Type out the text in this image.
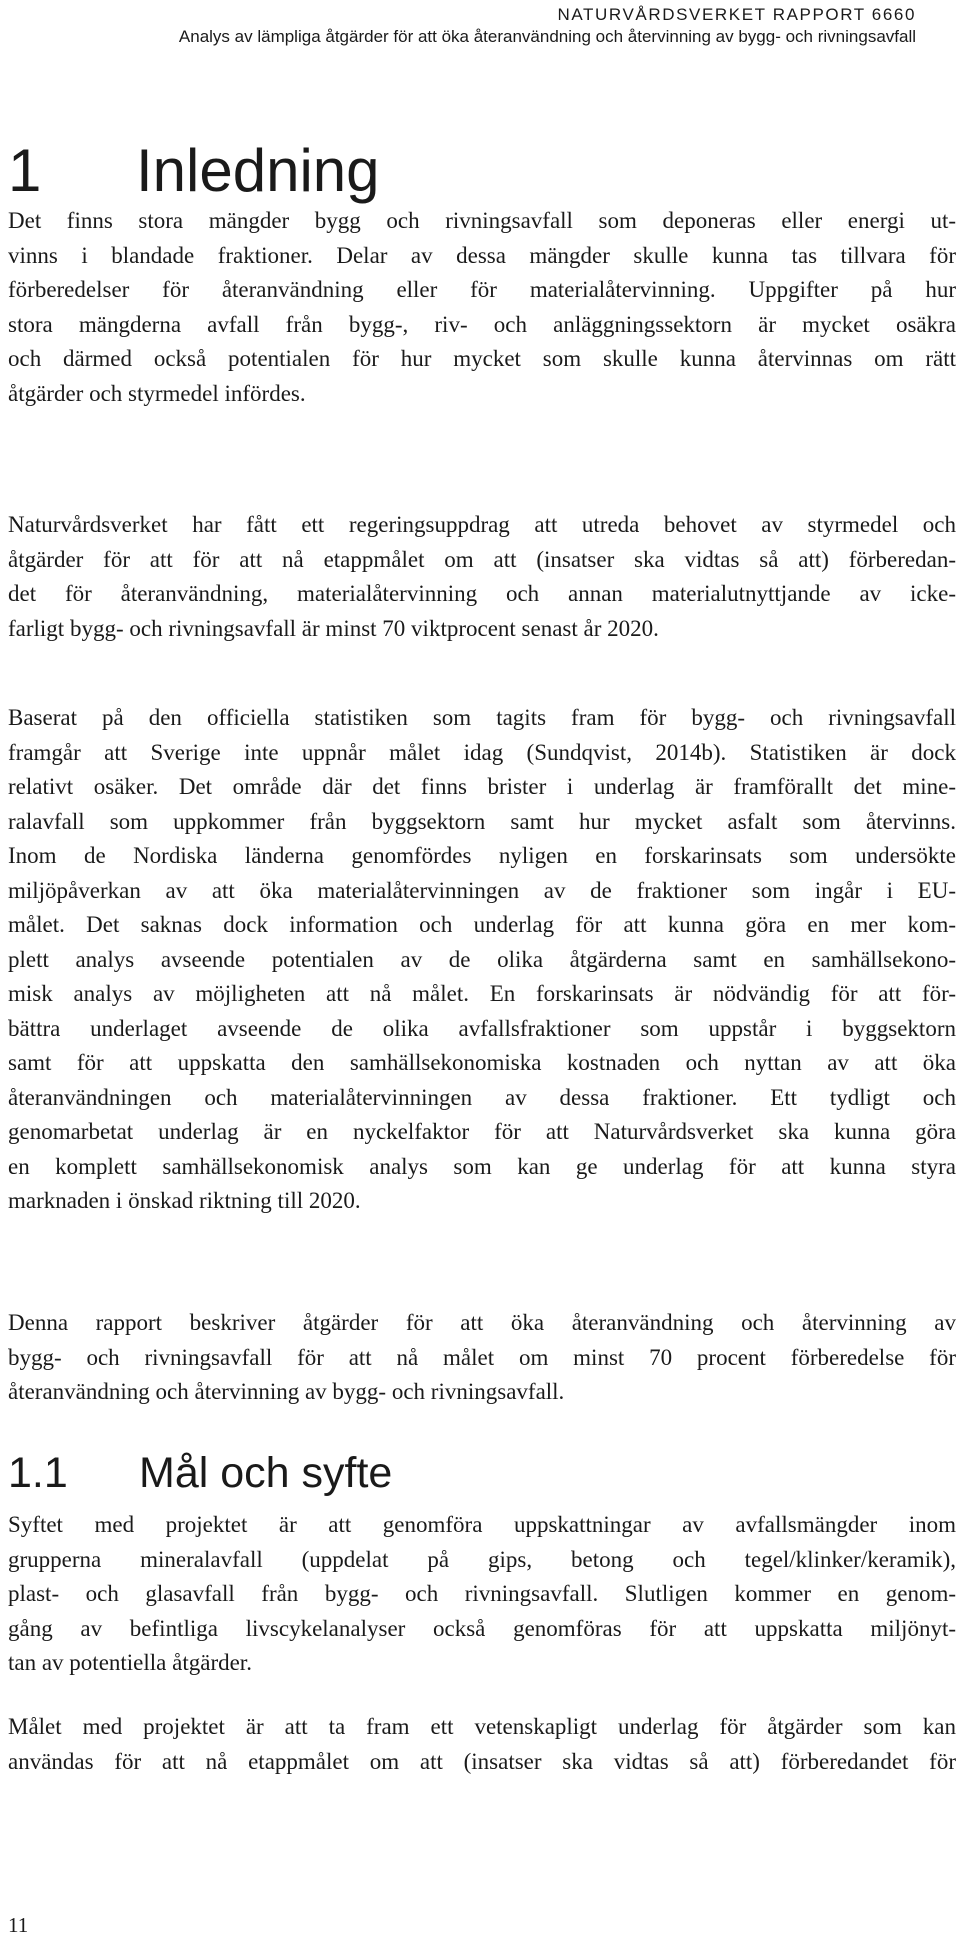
NATURVÅRDSVERKET RAPPORT 6660
Analys av lämpliga åtgärder för att öka återanvändning och återvinning av bygg- och rivningsavfall
1 Inledning

Det finns stora mängder bygg och rivningsavfall som deponeras eller energi ut-
vinns i blandade fraktioner. Delar av dessa mängder skulle kunna tas tillvara för
förberedelser för återanvändning eller för materialåtervinning. Uppgifter på hur
stora mängderna avfall från bygg-, riv- och anläggningssektorn är mycket osäkra
och därmed också potentialen för hur mycket som skulle kunna återvinnas om rätt
åtgärder och styrmedel infördes.

Naturvårdsverket har fått ett regeringsuppdrag att utreda behovet av styrmedel och
åtgärder för att för att nå etappmålet om att (insatser ska vidtas så att) förberedan-
det för återanvändning, materialåtervinning och annan materialutnyttjande av icke-
farligt bygg- och rivningsavfall är minst 70 viktprocent senast år 2020.

Baserat på den officiella statistiken som tagits fram för bygg- och rivningsavfall
framgår att Sverige inte uppnår målet idag (Sundqvist, 2014b). Statistiken är dock
relativt osäker. Det område där det finns brister i underlag är framförallt det mine-
ralavfall som uppkommer från byggsektorn samt hur mycket asfalt som återvinns.
Inom de Nordiska länderna genomfördes nyligen en forskarinsats som undersökte
miljöpåverkan av att öka materialåtervinningen av de fraktioner som ingår i EU-
målet. Det saknas dock information och underlag för att kunna göra en mer kom-
plett analys avseende potentialen av de olika åtgärderna samt en samhällsekono-
misk analys av möjligheten att nå målet. En forskarinsats är nödvändig för att för-
bättra underlaget avseende de olika avfallsfraktioner som uppstår i byggsektorn
samt för att uppskatta den samhällsekonomiska kostnaden och nyttan av att öka
återanvändningen och materialåtervinningen av dessa fraktioner. Ett tydligt och
genomarbetat underlag är en nyckelfaktor för att Naturvårdsverket ska kunna göra
en komplett samhällsekonomisk analys som kan ge underlag för att kunna styra
marknaden i önskad riktning till 2020.

Denna rapport beskriver åtgärder för att öka återanvändning och återvinning av
bygg- och rivningsavfall för att nå målet om minst 70 procent förberedelse för
återanvändning och återvinning av bygg- och rivningsavfall.

1.1 Mål och syfte

Syftet med projektet är att genomföra uppskattningar av avfallsmängder inom
grupperna mineralavfall (uppdelat på gips, betong och tegel/klinker/keramik),
plast- och glasavfall från bygg- och rivningsavfall. Slutligen kommer en genom-
gång av befintliga livscykelanalyser också genomföras för att uppskatta miljönyt-
tan av potentiella åtgärder.

Målet med projektet är att ta fram ett vetenskapligt underlag för åtgärder som kan
användas för att nå etappmålet om att (insatser ska vidtas så att) förberedandet för

11
